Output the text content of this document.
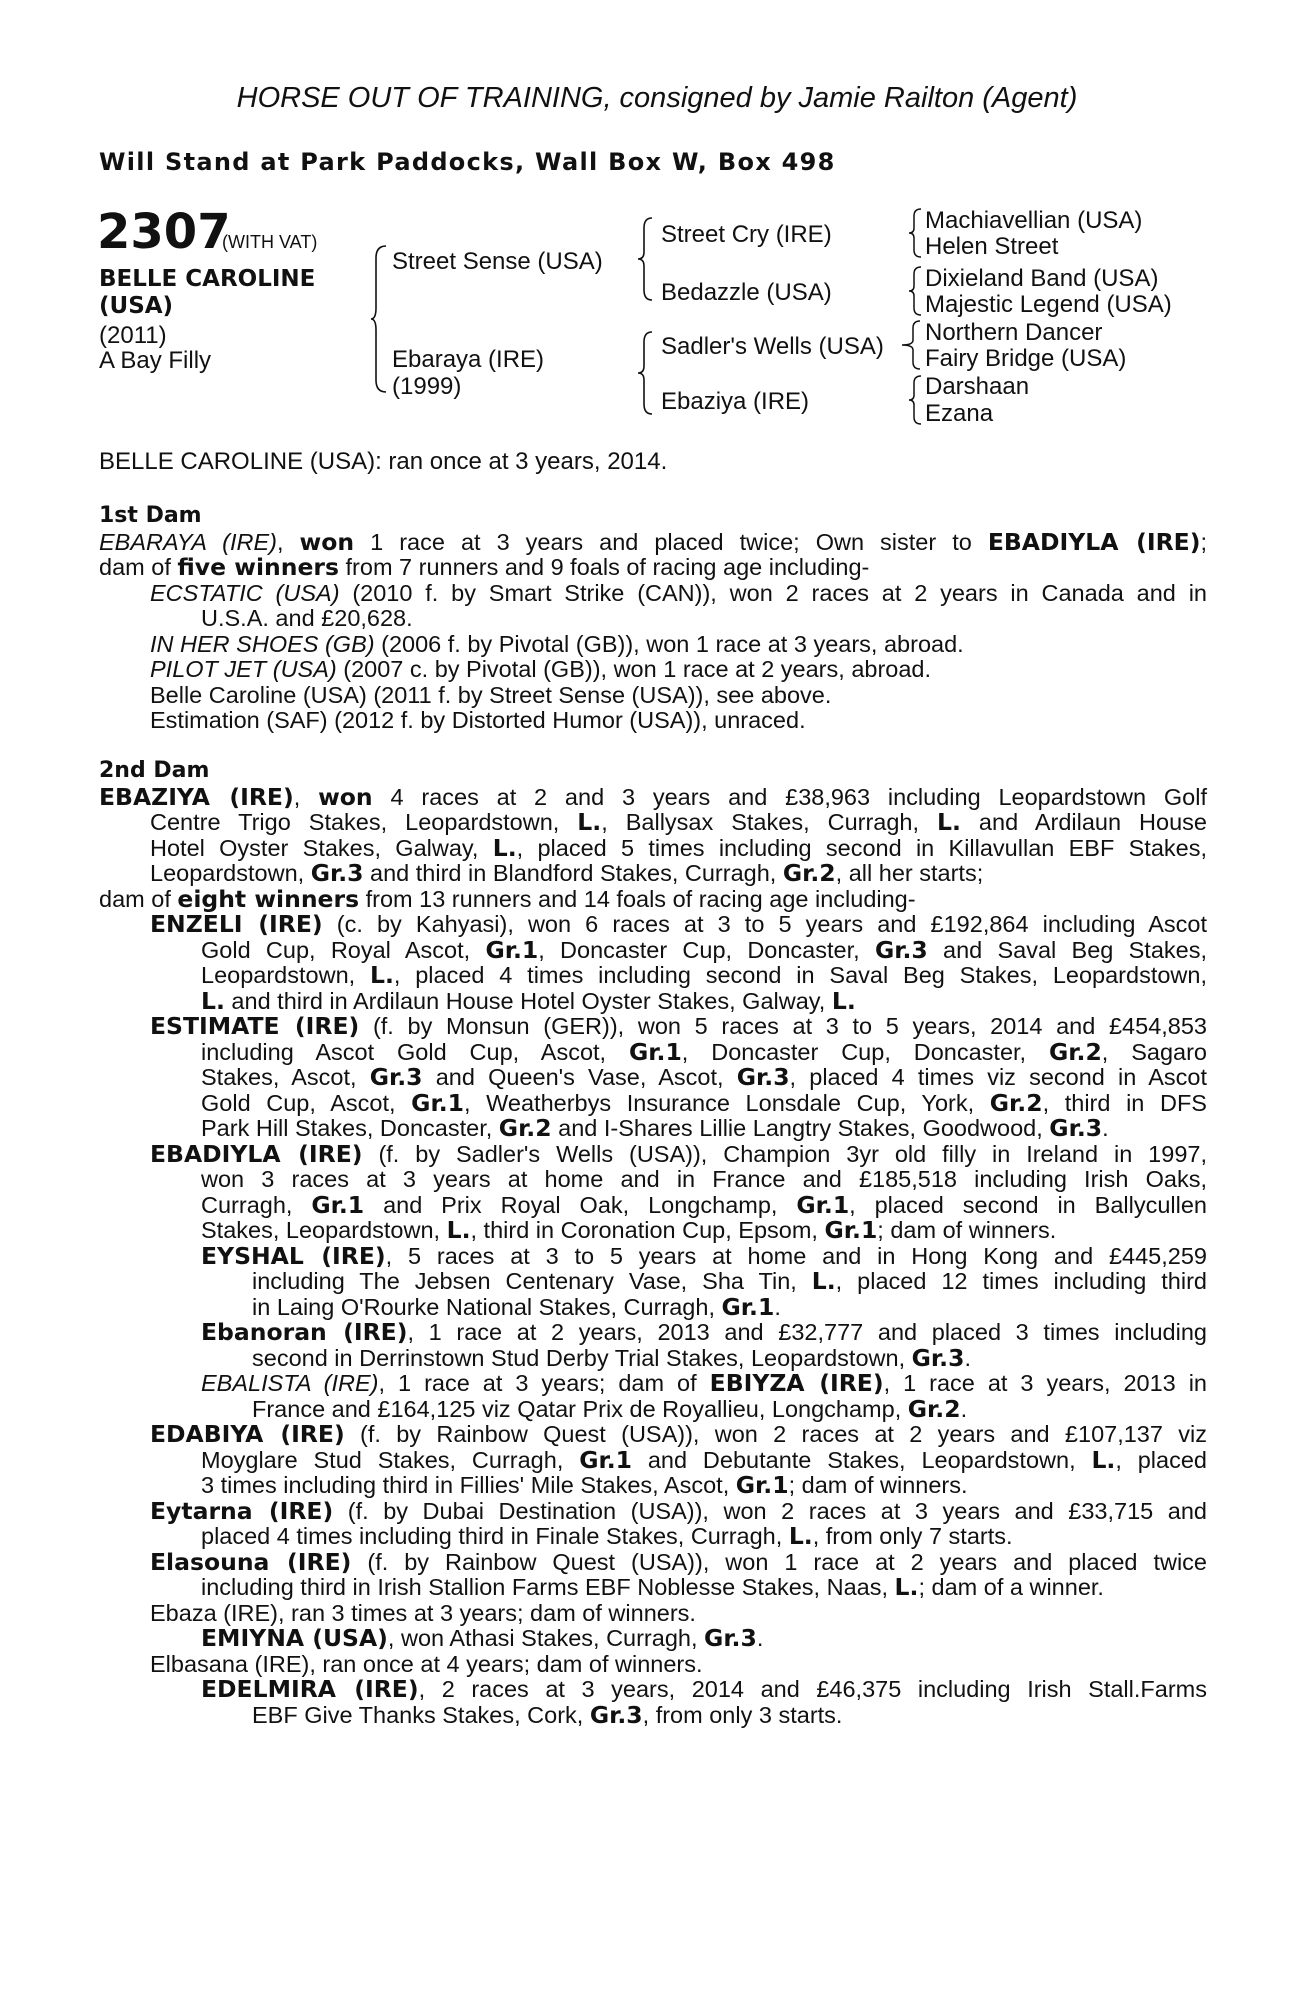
HORSE OUT OF TRAINING, consigned by Jamie Railton (Agent)
Will Stand at Park Paddocks, Wall Box W, Box 498
2307
(WITH VAT)
BELLE CAROLINE
(USA)
(2011)
A Bay Filly
Street Sense (USA)
Ebaraya (IRE)
(1999)
Street Cry (IRE)
Bedazzle (USA)
Sadler's Wells (USA)
Ebaziya (IRE)
Machiavellian (USA)
Helen Street
Dixieland Band (USA)
Majestic Legend (USA)
Northern Dancer
Fairy Bridge (USA)
Darshaan
Ezana
BELLE CAROLINE (USA): ran once at 3 years, 2014.
1st Dam
EBARAYA (IRE), won 1 race at 3 years and placed twice; Own sister to EBADIYLA (IRE);
dam of five winners from 7 runners and 9 foals of racing age including-
ECSTATIC (USA) (2010 f. by Smart Strike (CAN)), won 2 races at 2 years in Canada and in
U.S.A. and £20,628.
IN HER SHOES (GB) (2006 f. by Pivotal (GB)), won 1 race at 3 years, abroad.
PILOT JET (USA) (2007 c. by Pivotal (GB)), won 1 race at 2 years, abroad.
Belle Caroline (USA) (2011 f. by Street Sense (USA)), see above.
Estimation (SAF) (2012 f. by Distorted Humor (USA)), unraced.
2nd Dam
EBAZIYA (IRE), won 4 races at 2 and 3 years and £38,963 including Leopardstown Golf
Centre Trigo Stakes, Leopardstown, L., Ballysax Stakes, Curragh, L. and Ardilaun House
Hotel Oyster Stakes, Galway, L., placed 5 times including second in Killavullan EBF Stakes,
Leopardstown, Gr.3 and third in Blandford Stakes, Curragh, Gr.2, all her starts;
dam of eight winners from 13 runners and 14 foals of racing age including-
ENZELI (IRE) (c. by Kahyasi), won 6 races at 3 to 5 years and £192,864 including Ascot
Gold Cup, Royal Ascot, Gr.1, Doncaster Cup, Doncaster, Gr.3 and Saval Beg Stakes,
Leopardstown, L., placed 4 times including second in Saval Beg Stakes, Leopardstown,
L. and third in Ardilaun House Hotel Oyster Stakes, Galway, L.
ESTIMATE (IRE) (f. by Monsun (GER)), won 5 races at 3 to 5 years, 2014 and £454,853
including Ascot Gold Cup, Ascot, Gr.1, Doncaster Cup, Doncaster, Gr.2, Sagaro
Stakes, Ascot, Gr.3 and Queen's Vase, Ascot, Gr.3, placed 4 times viz second in Ascot
Gold Cup, Ascot, Gr.1, Weatherbys Insurance Lonsdale Cup, York, Gr.2, third in DFS
Park Hill Stakes, Doncaster, Gr.2 and I-Shares Lillie Langtry Stakes, Goodwood, Gr.3.
EBADIYLA (IRE) (f. by Sadler's Wells (USA)), Champion 3yr old filly in Ireland in 1997,
won 3 races at 3 years at home and in France and £185,518 including Irish Oaks,
Curragh, Gr.1 and Prix Royal Oak, Longchamp, Gr.1, placed second in Ballycullen
Stakes, Leopardstown, L., third in Coronation Cup, Epsom, Gr.1; dam of winners.
EYSHAL (IRE), 5 races at 3 to 5 years at home and in Hong Kong and £445,259
including The Jebsen Centenary Vase, Sha Tin, L., placed 12 times including third
in Laing O'Rourke National Stakes, Curragh, Gr.1.
Ebanoran (IRE), 1 race at 2 years, 2013 and £32,777 and placed 3 times including
second in Derrinstown Stud Derby Trial Stakes, Leopardstown, Gr.3.
EBALISTA (IRE), 1 race at 3 years; dam of EBIYZA (IRE), 1 race at 3 years, 2013 in
France and £164,125 viz Qatar Prix de Royallieu, Longchamp, Gr.2.
EDABIYA (IRE) (f. by Rainbow Quest (USA)), won 2 races at 2 years and £107,137 viz
Moyglare Stud Stakes, Curragh, Gr.1 and Debutante Stakes, Leopardstown, L., placed
3 times including third in Fillies' Mile Stakes, Ascot, Gr.1; dam of winners.
Eytarna (IRE) (f. by Dubai Destination (USA)), won 2 races at 3 years and £33,715 and
placed 4 times including third in Finale Stakes, Curragh, L., from only 7 starts.
Elasouna (IRE) (f. by Rainbow Quest (USA)), won 1 race at 2 years and placed twice
including third in Irish Stallion Farms EBF Noblesse Stakes, Naas, L.; dam of a winner.
Ebaza (IRE), ran 3 times at 3 years; dam of winners.
EMIYNA (USA), won Athasi Stakes, Curragh, Gr.3.
Elbasana (IRE), ran once at 4 years; dam of winners.
EDELMIRA (IRE), 2 races at 3 years, 2014 and £46,375 including Irish Stall.Farms
EBF Give Thanks Stakes, Cork, Gr.3, from only 3 starts.
